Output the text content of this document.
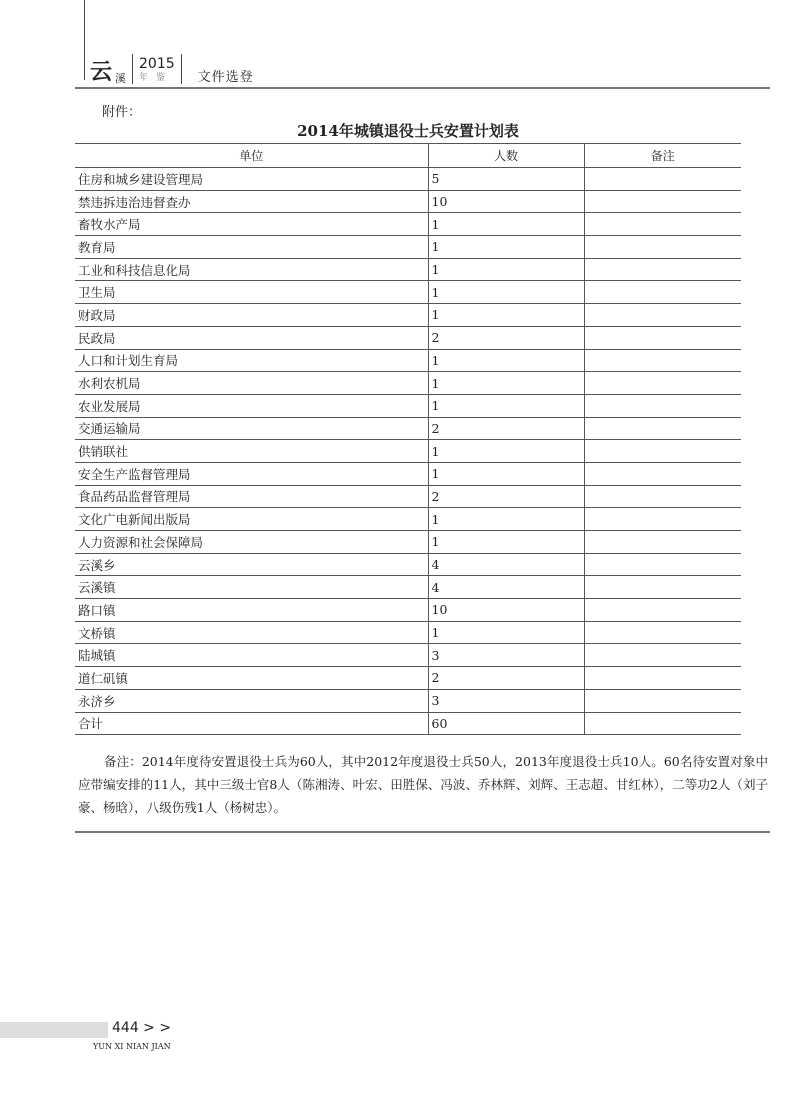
云 溪
2015
年鉴 文件选登
附件：
2014年城镇退役士兵安置计划表
单位	人数	备注
住房和城乡建设管理局	5	
禁违拆违治违督查办	10	
畜牧水产局	1	
教育局	1	
工业和科技信息化局	1	
卫生局	1	
财政局	1	
民政局	2	
人口和计划生育局	1	
水利农机局	1	
农业发展局	1	
交通运输局	2	
供销联社	1	
安全生产监督管理局	1	
食品药品监督管理局	2	
文化广电新闻出版局	1	
人力资源和社会保障局	1	
云溪乡	4	
云溪镇	4	
路口镇	10	
文桥镇	1	
陆城镇	3	
道仁矶镇	2	
永济乡	3	
合计	60	
备注：2014年度待安置退役士兵为60人，其中2012年度退役士兵50人，2013年度退役士兵10人。60名待安置对象中应带编安排的11人，其中三级士官8人（陈湘涛、叶宏、田胜保、冯波、乔林辉、刘辉、王志超、甘红林），二等功2人（刘子豪、杨晗），八级伤残1人（杨树忠）。
444 > >
YUN XI NIAN JIAN
